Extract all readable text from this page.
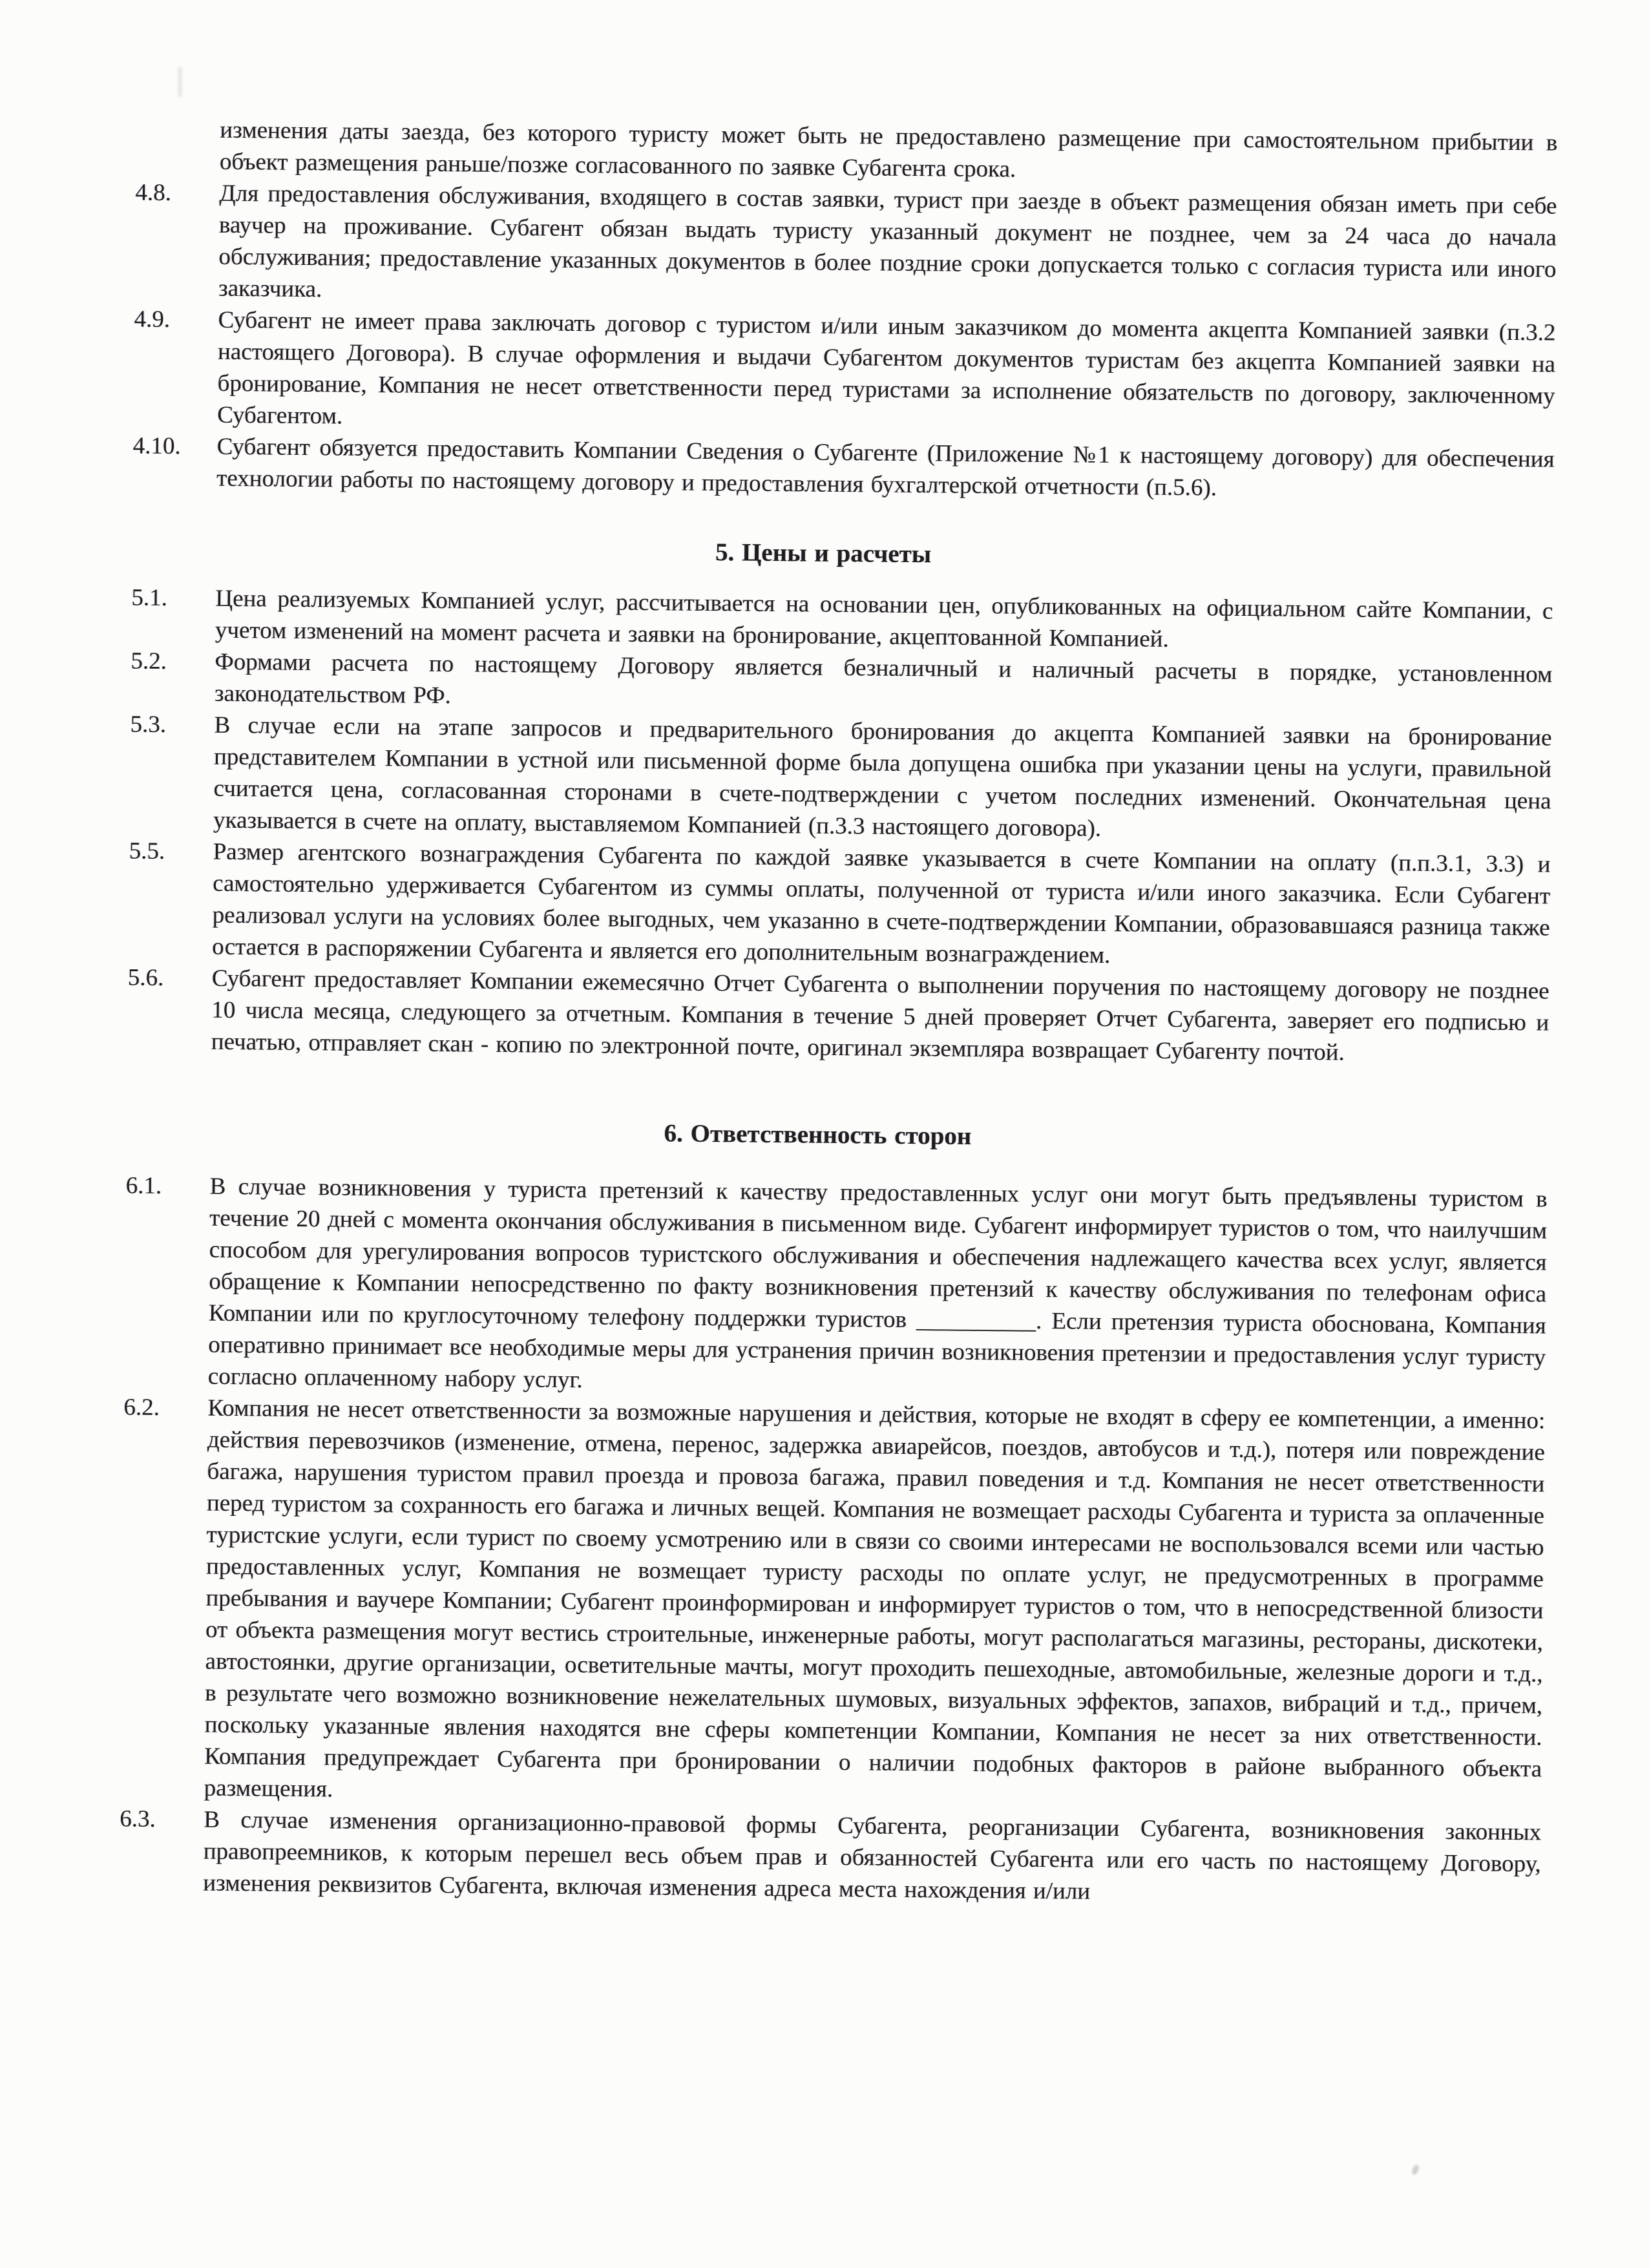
изменения даты заезда, без которого туристу может быть не предоставлено размещение при самостоятельном прибытии в объект размещения раньше/позже согласованного по заявке Субагента срока.

4.8. Для предоставления обслуживания, входящего в состав заявки, турист при заезде в объект размещения обязан иметь при себе ваучер на проживание. Субагент обязан выдать туристу указанный документ не позднее, чем за 24 часа до начала обслуживания; предоставление указанных документов в более поздние сроки допускается только с согласия туриста или иного заказчика.

4.9. Субагент не имеет права заключать договор с туристом и/или иным заказчиком до момента акцепта Компанией заявки (п.3.2 настоящего Договора). В случае оформления и выдачи Субагентом документов туристам без акцепта Компанией заявки на бронирование, Компания не несет ответственности перед туристами за исполнение обязательств по договору, заключенному Субагентом.

4.10. Субагент обязуется предоставить Компании Сведения о Субагенте (Приложение №1 к настоящему договору) для обеспечения технологии работы по настоящему договору и предоставления бухгалтерской отчетности (п.5.6).

5. Цены и расчеты
5.1. Цена реализуемых Компанией услуг, рассчитывается на основании цен, опубликованных на официальном сайте Компании, с учетом изменений на момент расчета и заявки на бронирование, акцептованной Компанией.

5.2. Формами расчета по настоящему Договору является безналичный и наличный расчеты в порядке, установленном законодательством РФ.

5.3. В случае если на этапе запросов и предварительного бронирования до акцепта Компанией заявки на бронирование представителем Компании в устной или письменной форме была допущена ошибка при указании цены на услуги, правильной считается цена, согласованная сторонами в счете-подтверждении с учетом последних изменений. Окончательная цена указывается в счете на оплату, выставляемом Компанией (п.3.3 настоящего договора).

5.5. Размер агентского вознаграждения Субагента по каждой заявке указывается в счете Компании на оплату (п.п.3.1, 3.3) и самостоятельно удерживается Субагентом из суммы оплаты, полученной от туриста и/или иного заказчика. Если Субагент реализовал услуги на условиях более выгодных, чем указанно в счете-подтверждении Компании, образовавшаяся разница также остается в распоряжении Субагента и является его дополнительным вознаграждением.

5.6. Субагент предоставляет Компании ежемесячно Отчет Субагента о выполнении поручения по настоящему договору не позднее 10 числа месяца, следующего за отчетным. Компания в течение 5 дней проверяет Отчет Субагента, заверяет его подписью и печатью, отправляет скан - копию по электронной почте, оригинал экземпляра возвращает Субагенту почтой.

6. Ответственность сторон
6.1. В случае возникновения у туриста претензий к качеству предоставленных услуг они могут быть предъявлены туристом в течение 20 дней с момента окончания обслуживания в письменном виде. Субагент информирует туристов о том, что наилучшим способом для урегулирования вопросов туристского обслуживания и обеспечения надлежащего качества всех услуг, является обращение к Компании непосредственно по факту возникновения претензий к качеству обслуживания по телефонам офиса Компании или по круглосуточному телефону поддержки туристов __________. Если претензия туриста обоснована, Компания оперативно принимает все необходимые меры для устранения причин возникновения претензии и предоставления услуг туристу согласно оплаченному набору услуг.

6.2. Компания не несет ответственности за возможные нарушения и действия, которые не входят в сферу ее компетенции, а именно: действия перевозчиков (изменение, отмена, перенос, задержка авиарейсов, поездов, автобусов и т.д.), потеря или повреждение багажа, нарушения туристом правил проезда и провоза багажа, правил поведения и т.д. Компания не несет ответственности перед туристом за сохранность его багажа и личных вещей. Компания не возмещает расходы Субагента и туриста за оплаченные туристские услуги, если турист по своему усмотрению или в связи со своими интересами не воспользовался всеми или частью предоставленных услуг, Компания не возмещает туристу расходы по оплате услуг, не предусмотренных в программе пребывания и ваучере Компании; Субагент проинформирован и информирует туристов о том, что в непосредственной близости от объекта размещения могут вестись строительные, инженерные работы, могут располагаться магазины, рестораны, дискотеки, автостоянки, другие организации, осветительные мачты, могут проходить пешеходные, автомобильные, железные дороги и т.д., в результате чего возможно возникновение нежелательных шумовых, визуальных эффектов, запахов, вибраций и т.д., причем, поскольку указанные явления находятся вне сферы компетенции Компании, Компания не несет за них ответственности. Компания предупреждает Субагента при бронировании о наличии подобных факторов в районе выбранного объекта размещения.

6.3. В случае изменения организационно-правовой формы Субагента, реорганизации Субагента, возникновения законных правопреемников, к которым перешел весь объем прав и обязанностей Субагента или его часть по настоящему Договору, изменения реквизитов Субагента, включая изменения адреса места нахождения и/или
